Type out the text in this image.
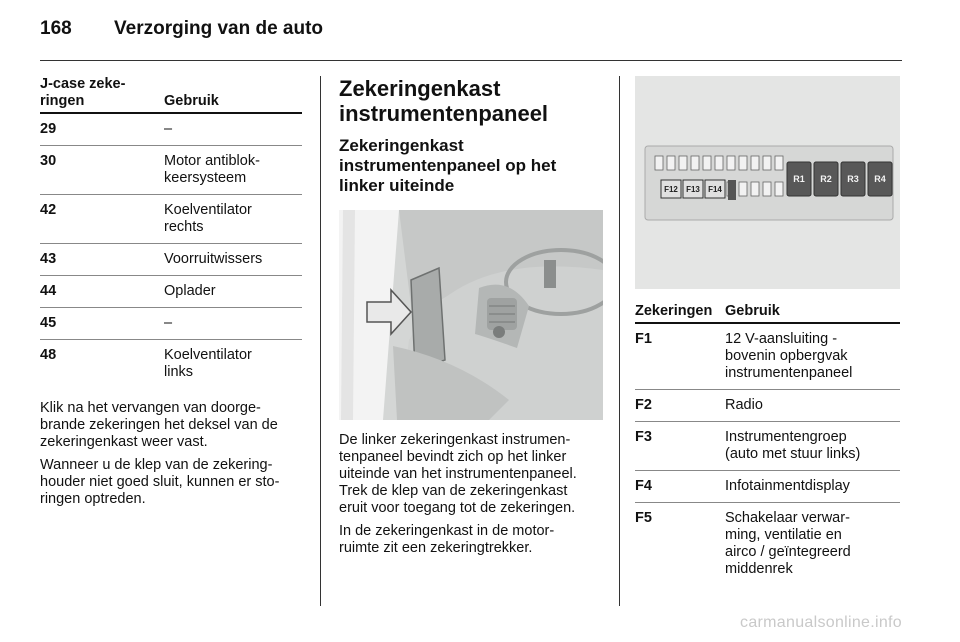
168 Verzorging van de auto
J-case zeke-
ringen	Gebruik
29	–
30	Motor antiblok-
keersysteem
42	Koelventilator
rechts
43	Voorruitwissers
44	Oplader
45	–
48	Koelventilator
links

Klik na het vervangen van doorge-
brande zekeringen het deksel van de
zekeringenkast weer vast.

Wanneer u de klep van de zekering-
houder niet goed sluit, kunnen er sto-
ringen optreden.

Zekeringenkast
instrumentenpaneel
Zekeringenkast
instrumentenpaneel op het
linker uiteinde

De linker zekeringenkast instrumen-
tenpaneel bevindt zich op het linker
uiteinde van het instrumentenpaneel.
Trek de klep van de zekeringenkast
eruit voor toegang tot de zekeringen.

In de zekeringenkast in de motor-
ruimte zit een zekeringtrekker.

F12 F13 F14
R1 R2 R3 R4
Zekeringen	Gebruik
F1	12 V-aansluiting -
bovenin opbergvak
instrumentenpaneel
F2	Radio
F3	Instrumentengroep
(auto met stuur links)
F4	Infotainmentdisplay
F5	Schakelaar verwar-
ming, ventilatie en
airco / geïntegreerd
middenrek
carmanualsonline.info
